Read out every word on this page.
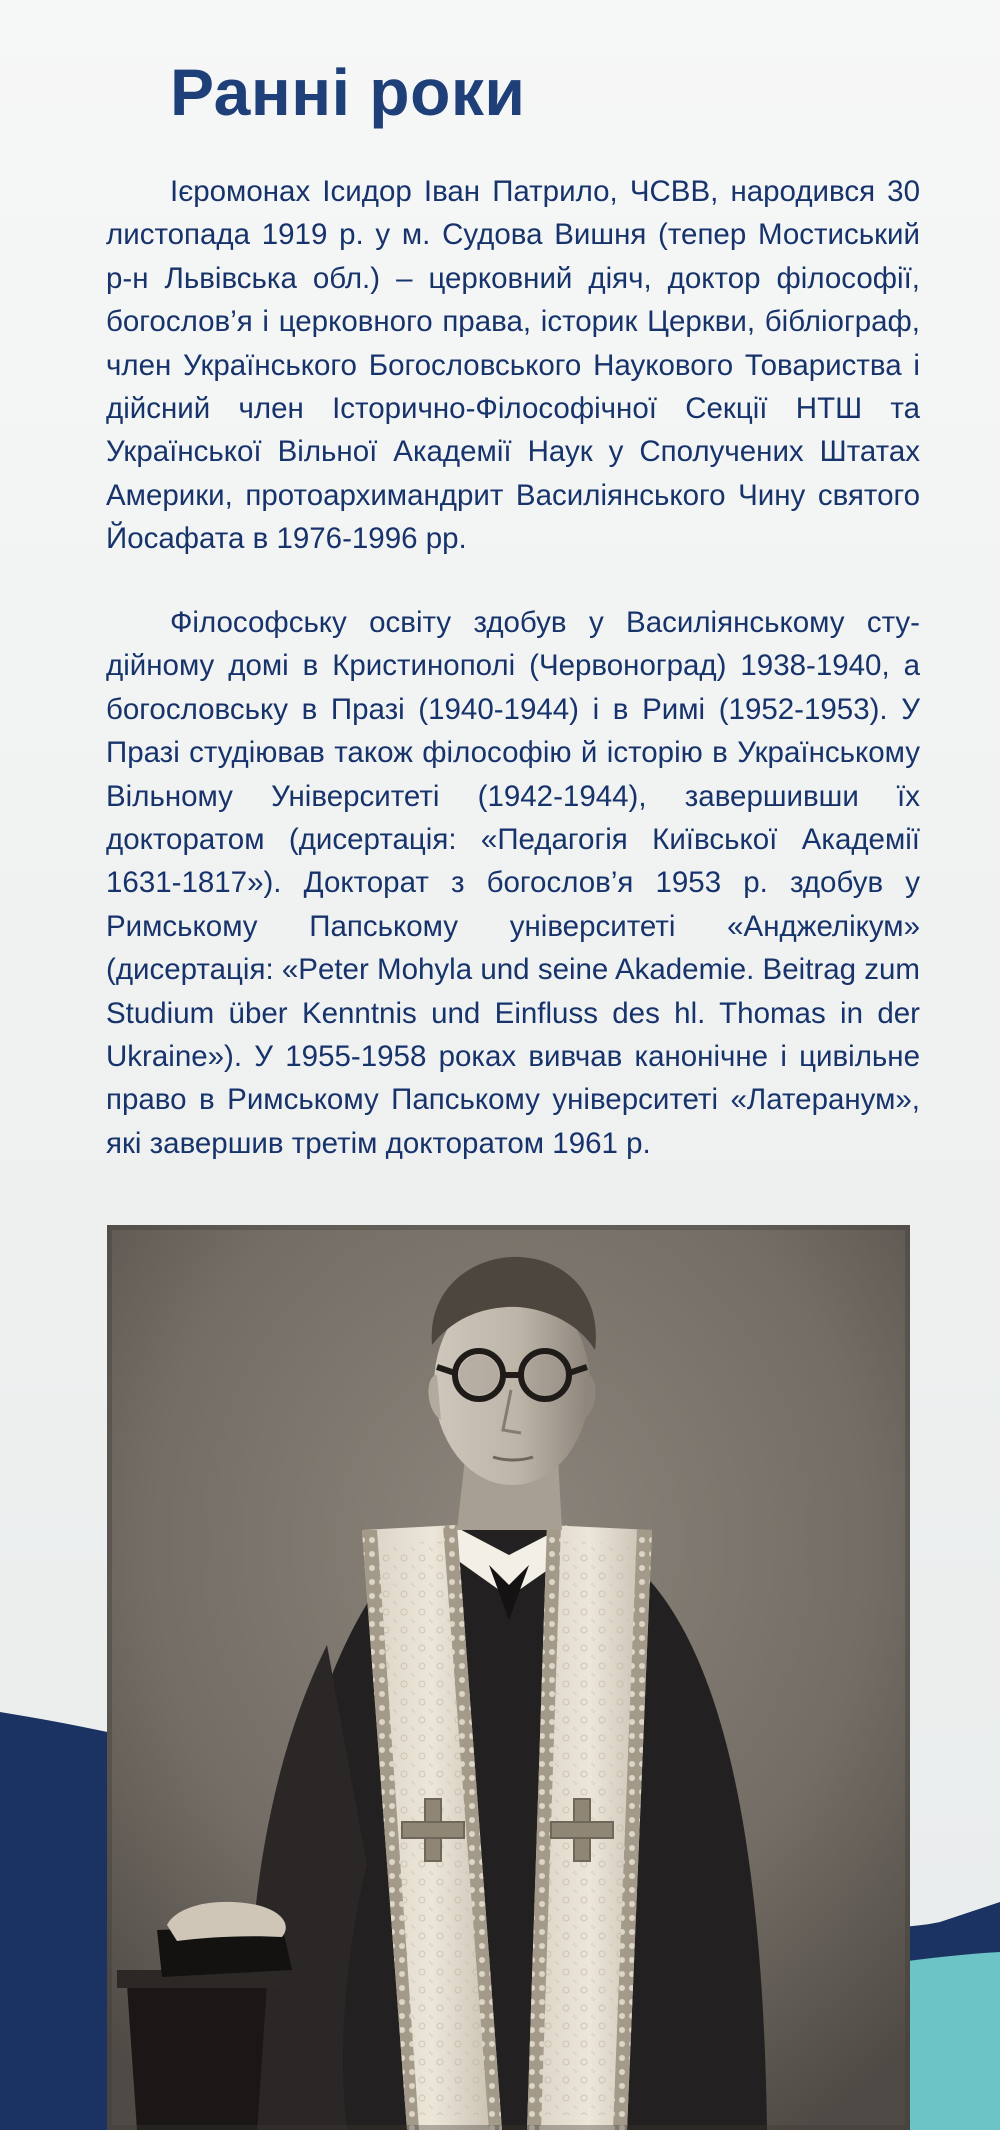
Ранні роки

Ієромонах Ісидор Іван Патрило, ЧСВВ, народився 30 листопада 1919 р. у м. Судова Вишня (тепер Мостиський р-н Львівська обл.) – церковний діяч, доктор філософії, богослов’я і церковного права, історик Церкви, бібліограф, член Українського Богословського Наукового Товариства і дійсний член Історично-Філософічної Секції НТШ та Української Вільної Академії Наук у Сполучених Штатах Америки, протоархимандрит Василіянського Чину святого Йосафата в 1976-1996 рр.

Філософську освіту здобув у Василіянському студійному домі в Кристинополі (Червоноград) 1938-1940, а богословську в Празі (1940-1944) і в Римі (1952-1953). У Празі студіював також філософію й історію в Українському Вільному Університеті (1942-1944), завершивши їх докторатом (дисертація: «Педагогія Київської Академії 1631-1817»). Докторат з богослов’я 1953 р. здобув у Римському Папському університеті «Анджелікум» (дисертація: «Peter Mohyla und seine Akademie. Beitrag zum Studium über Kenntnis und Einfluss des hl. Thomas in der Ukraine»). У 1955-1958 роках вивчав канонічне і цивільне право в Римському Папському університеті «Латеранум», які завершив третім докторатом 1961 р.
